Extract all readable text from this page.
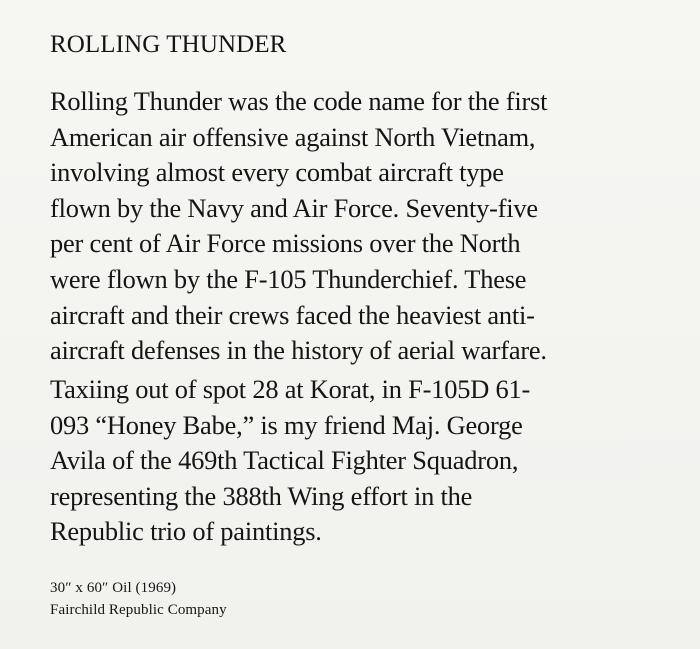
ROLLING THUNDER
Rolling Thunder was the code name for the first
American air offensive against North Vietnam,
involving almost every combat aircraft type
flown by the Navy and Air Force. Seventy-five
per cent of Air Force missions over the North
were flown by the F-105 Thunderchief. These
aircraft and their crews faced the heaviest anti-
aircraft defenses in the history of aerial warfare.
Taxiing out of spot 28 at Korat, in F-105D 61-
093 “Honey Babe,” is my friend Maj. George
Avila of the 469th Tactical Fighter Squadron,
representing the 388th Wing effort in the
Republic trio of paintings.
30″ x 60″ Oil (1969)
Fairchild Republic Company
